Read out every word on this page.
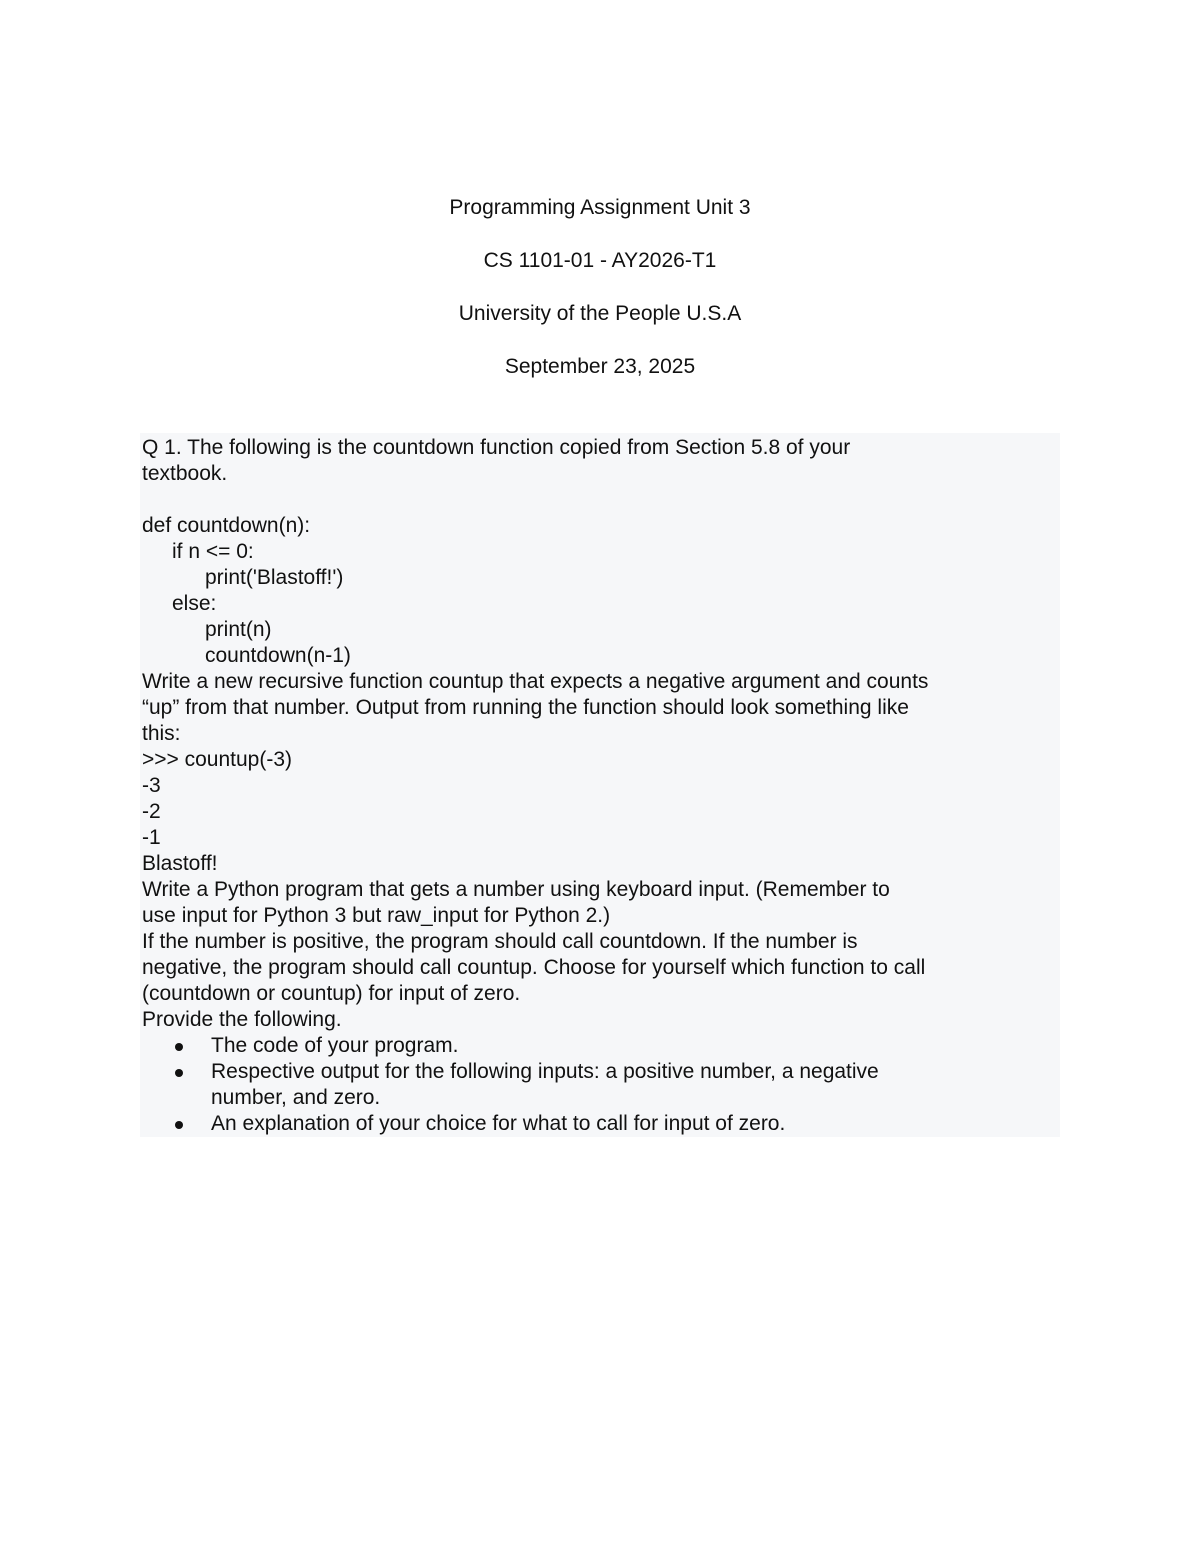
Programming Assignment Unit 3
CS 1101-01 - AY2026-T1
University of the People U.S.A
September 23, 2025
Q 1. The following is the countdown function copied from Section 5.8 of your
textbook.
def countdown(n):
if n <= 0:
print('Blastoff!')
else:
print(n)
countdown(n-1)
Write a new recursive function countup that expects a negative argument and counts
“up” from that number. Output from running the function should look something like
this:
>>> countup(-3)
-3
-2
-1
Blastoff!
Write a Python program that gets a number using keyboard input. (Remember to
use input for Python 3 but raw_input for Python 2.)
If the number is positive, the program should call countdown. If the number is
negative, the program should call countup. Choose for yourself which function to call
(countdown or countup) for input of zero.
Provide the following.
The code of your program.
Respective output for the following inputs: a positive number, a negative
number, and zero.
An explanation of your choice for what to call for input of zero.
